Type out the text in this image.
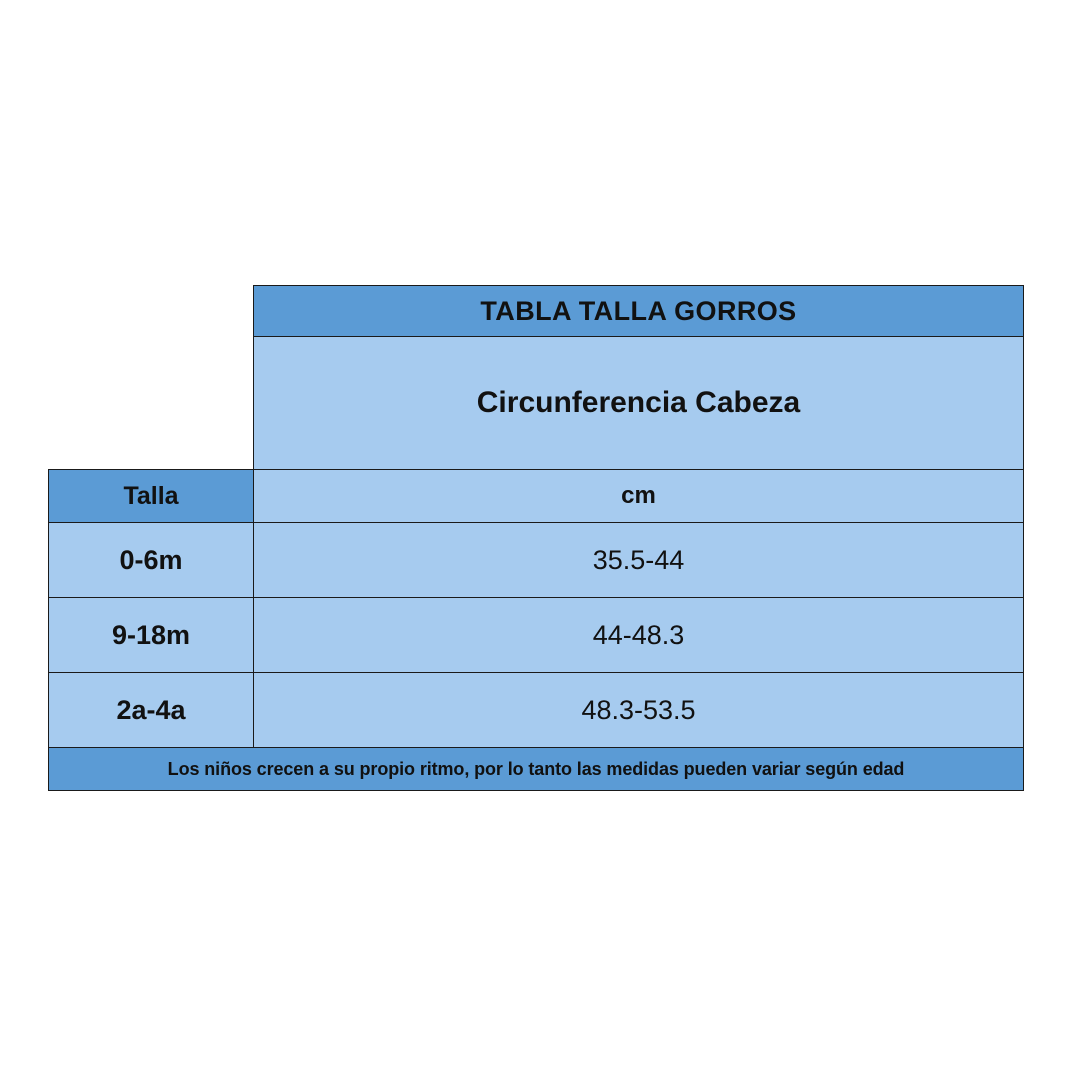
	TABLA TALLA GORROS
	Circunferencia Cabeza
Talla	cm
0-6m	35.5-44
9-18m	44-48.3
2a-4a	48.3-53.5
Los niños crecen a su propio ritmo, por lo tanto las medidas pueden variar según edad	
